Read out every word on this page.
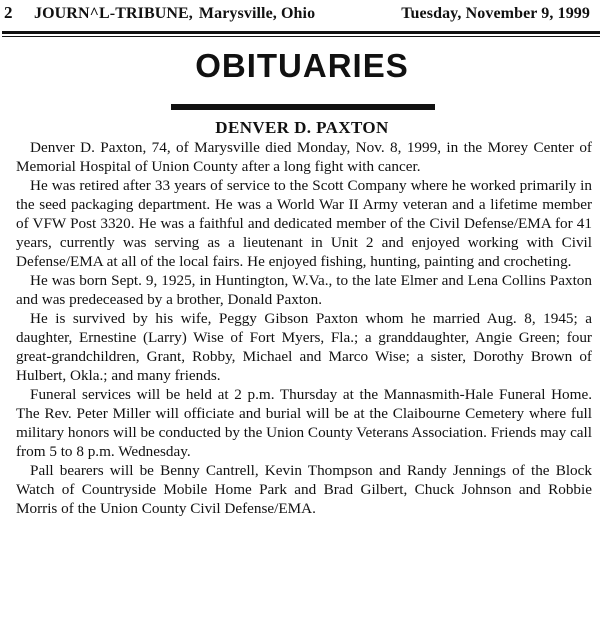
2	JOURN^L-TRIBUNE, Marysville, Ohio	Tuesday, November 9, 1999
OBITUARIES
DENVER D. PAXTON

Denver D. Paxton, 74, of Marysville died Monday, Nov. 8, 1999, in the Morey Center of Memorial Hospital of Union County after a long fight with cancer.

He was retired after 33 years of service to the Scott Company where he worked primarily in the seed packaging department. He was a World War II Army veteran and a lifetime member of VFW Post 3320. He was a faithful and dedicated member of the Civil Defense/EMA for 41 years, currently was serving as a lieutenant in Unit 2 and enjoyed working with Civil Defense/EMA at all of the local fairs. He enjoyed fishing, hunting, painting and crocheting.

He was born Sept. 9, 1925, in Huntington, W.Va., to the late Elmer and Lena Collins Paxton and was predeceased by a brother, Donald Paxton.

He is survived by his wife, Peggy Gibson Paxton whom he married Aug. 8, 1945; a daughter, Ernestine (Larry) Wise of Fort Myers, Fla.; a granddaughter, Angie Green; four great-grandchildren, Grant, Robby, Michael and Marco Wise; a sister, Dorothy Brown of Hulbert, Okla.; and many friends.

Funeral services will be held at 2 p.m. Thursday at the Mannasmith-Hale Funeral Home. The Rev. Peter Miller will officiate and burial will be at the Claibourne Cemetery where full military honors will be conducted by the Union County Veterans Association. Friends may call from 5 to 8 p.m. Wednesday.

Pall bearers will be Benny Cantrell, Kevin Thompson and Randy Jennings of the Block Watch of Countryside Mobile Home Park and Brad Gilbert, Chuck Johnson and Robbie Morris of the Union County Civil Defense/EMA.
